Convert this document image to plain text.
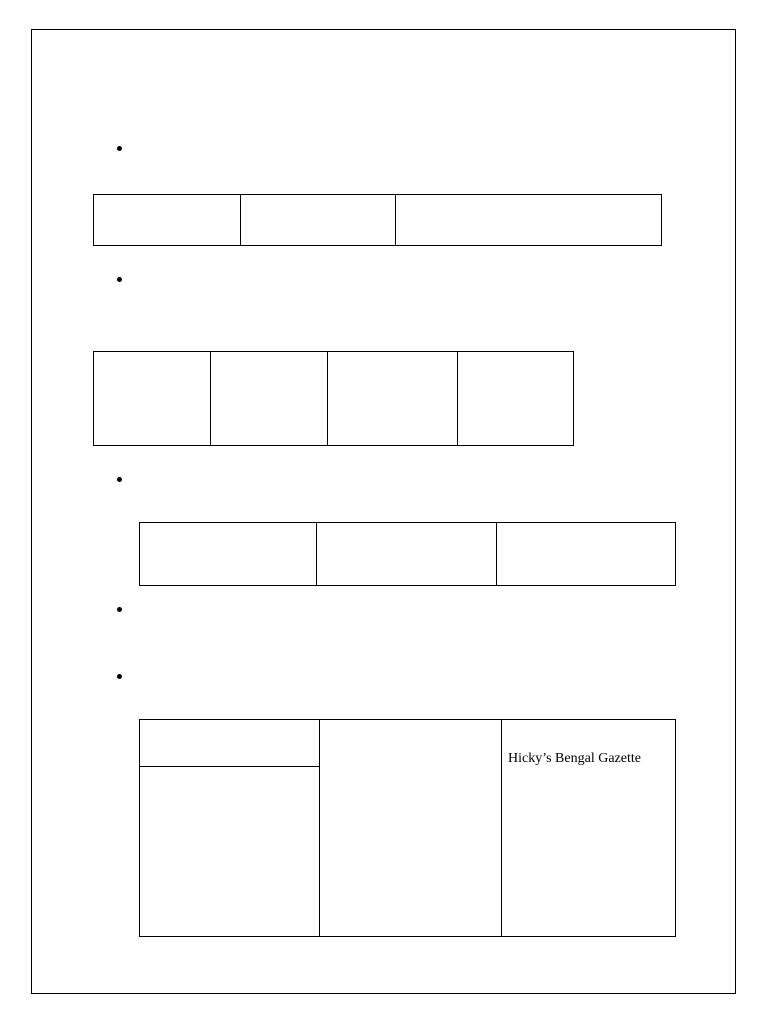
Hicky’s Bengal Gazette
